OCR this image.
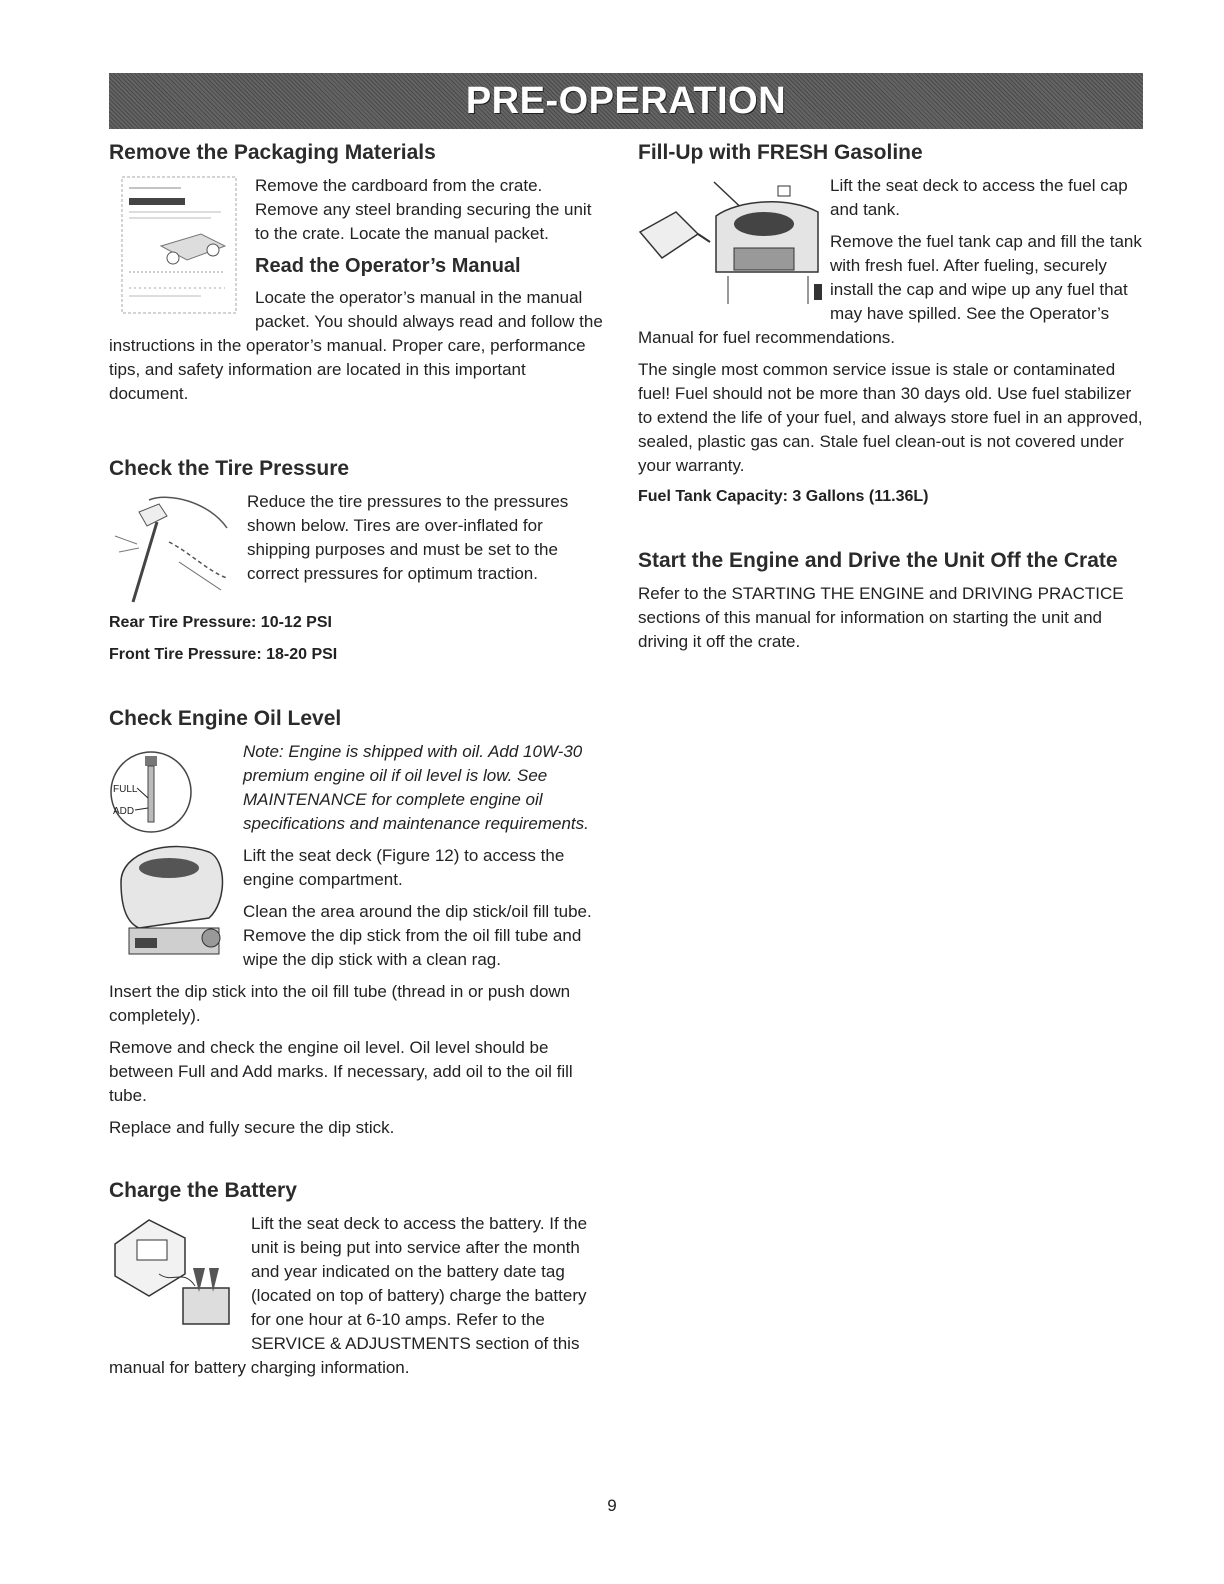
PRE-OPERATION
Remove the Packaging Materials

Remove the cardboard from the crate. Remove any steel branding securing the unit to the crate. Locate the manual packet.

Read the Operator’s Manual

Locate the operator’s manual in the manual packet. You should always read and follow the instructions in the operator’s manual. Proper care, performance tips, and safety information are located in this important document.

Check the Tire Pressure

Reduce the tire pressures to the pressures shown below. Tires are over-inflated for shipping purposes and must be set to the correct pressures for optimum traction.

Rear Tire Pressure: 10-12 PSI

Front Tire Pressure: 18-20 PSI

Check Engine Oil Level
FULL
ADD

Note: Engine is shipped with oil. Add 10W-30 premium engine oil if oil level is low. See MAINTENANCE for complete engine oil specifications and maintenance requirements.

Lift the seat deck (Figure 12) to access the engine compartment.

Clean the area around the dip stick/oil fill tube. Remove the dip stick from the oil fill tube and wipe the dip stick with a clean rag.

Insert the dip stick into the oil fill tube (thread in or push down completely).

Remove and check the engine oil level. Oil level should be between Full and Add marks. If necessary, add oil to the oil fill tube.

Replace and fully secure the dip stick.

Charge the Battery

Lift the seat deck to access the battery. If the unit is being put into service after the month and year indicated on the battery date tag (located on top of battery) charge the battery for one hour at 6-10 amps. Refer to the SERVICE & ADJUSTMENTS section of this manual for battery charging information.

Fill-Up with FRESH Gasoline

Lift the seat deck to access the fuel cap and tank.

Remove the fuel tank cap and fill the tank with fresh fuel. After fueling, securely install the cap and wipe up any fuel that may have spilled. See the Operator’s Manual for fuel recommendations.

The single most common service issue is stale or contaminated fuel! Fuel should not be more than 30 days old. Use fuel stabilizer to extend the life of your fuel, and always store fuel in an approved, sealed, plastic gas can. Stale fuel clean-out is not covered under your warranty.

Fuel Tank Capacity: 3 Gallons (11.36L)

Start the Engine and Drive the Unit Off the Crate

Refer to the STARTING THE ENGINE and DRIVING PRACTICE sections of this manual for information on starting the unit and driving it off the crate.

9
